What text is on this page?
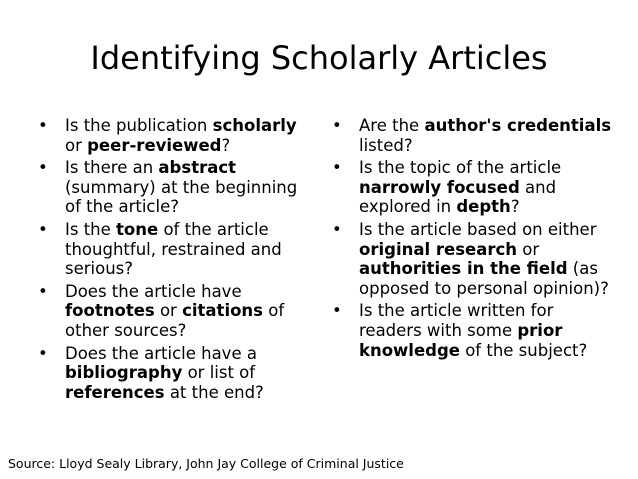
Identifying Scholarly Articles
•	Is the publication scholarly or peer-reviewed?
•	Is there an abstract (summary) at the beginning of the article?
•	Is the tone of the article thoughtful, restrained and serious?
•	Does the article have footnotes or citations of other sources?
•	Does the article have a bibliography or list of references at the end?
•	Are the author's credentials listed?
•	Is the topic of the article narrowly focused and explored in depth?
•	Is the article based on either original research or authorities in the field (as opposed to personal opinion)?
•	Is the article written for readers with some prior knowledge of the subject?
Source: Lloyd Sealy Library, John Jay College of Criminal Justice
